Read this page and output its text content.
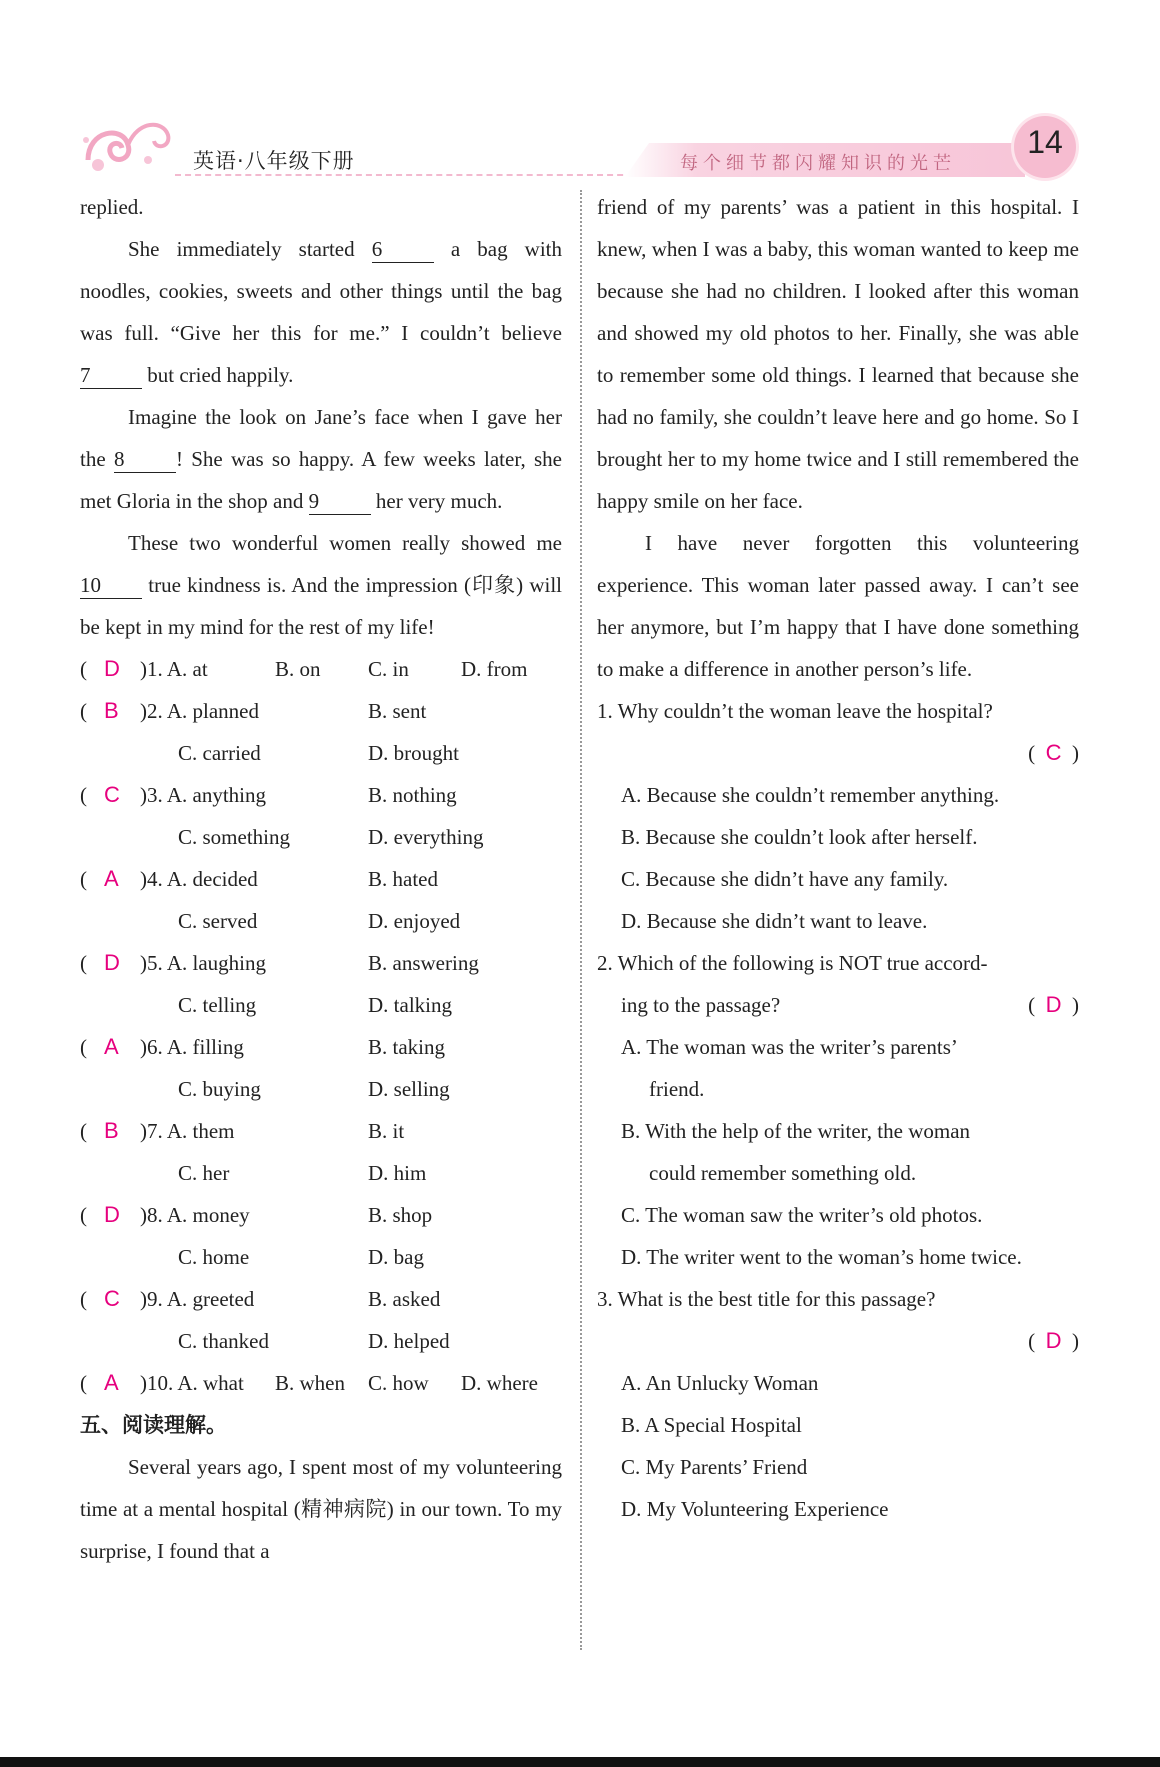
英语·八年级下册	每个细节都闪耀知识的光芒
14

replied.

She immediately started 6	a bag with noodles, cookies, sweets and other things until the bag was full. “Give her this for me.” I couldn’t believe 7	but cried happily.

Imagine the look on Jane’s face when I gave her the 8 ! She was so happy. A few weeks later, she met Gloria in the shop and 9	her very much.

These two wonderful women really showed me 10 true kindness is. And the impression (印象) will be kept in my mind for the rest of my life!

( D )1. A. at	B. on C. in D. from
( B )2. A. planned	B. sent
C. carried	D. brought
( C )3. A. anything	B. nothing
C. something	D. everything
( A )4. A. decided	B. hated
C. served	D. enjoyed
( D )5. A. laughing	B. answering
C. telling	D. talking
( A )6. A. filling	B. taking
C. buying	D. selling
( B )7. A. them	B. it
C. her	D. him
( D )8. A. money	B. shop
C. home	D. bag
( C )9. A. greeted	B. asked
C. thanked	D. helped
( A )10. A. what B. when C. how D. where

五、阅读理解。

Several years ago, I spent most of my volunteering time at a mental hospital (精神病院) in our town. To my surprise, I found that a

friend of my parents’ was a patient in this hospital. I knew, when I was a baby, this woman wanted to keep me because she had no children. I looked after this woman and showed my old photos to her. Finally, she was able to remember some old things. I learned that because she had no family, she couldn’t leave here and go home. So I brought her to my home twice and I still remembered the happy smile on her face.

I have never forgotten this volunteering experience. This woman later passed away. I can’t see her anymore, but I’m happy that I have done something to make a difference in another person’s life.

1. Why couldn’t the woman leave the hospital?

(  C  )

A. Because she couldn’t remember anything.

B. Because she couldn’t look after herself.

C. Because she didn’t have any family.

D. Because she didn’t want to leave.

2. Which of the following is NOT true accord-

ing to the passage?	(  D  )

A. The woman was the writer’s parents’

friend.

B. With the help of the writer, the woman

could remember something old.

C. The woman saw the writer’s old photos.

D. The writer went to the woman’s home twice.

3. What is the best title for this passage?

(  D  )

A. An Unlucky Woman

B. A Special Hospital

C. My Parents’ Friend

D. My Volunteering Experience
